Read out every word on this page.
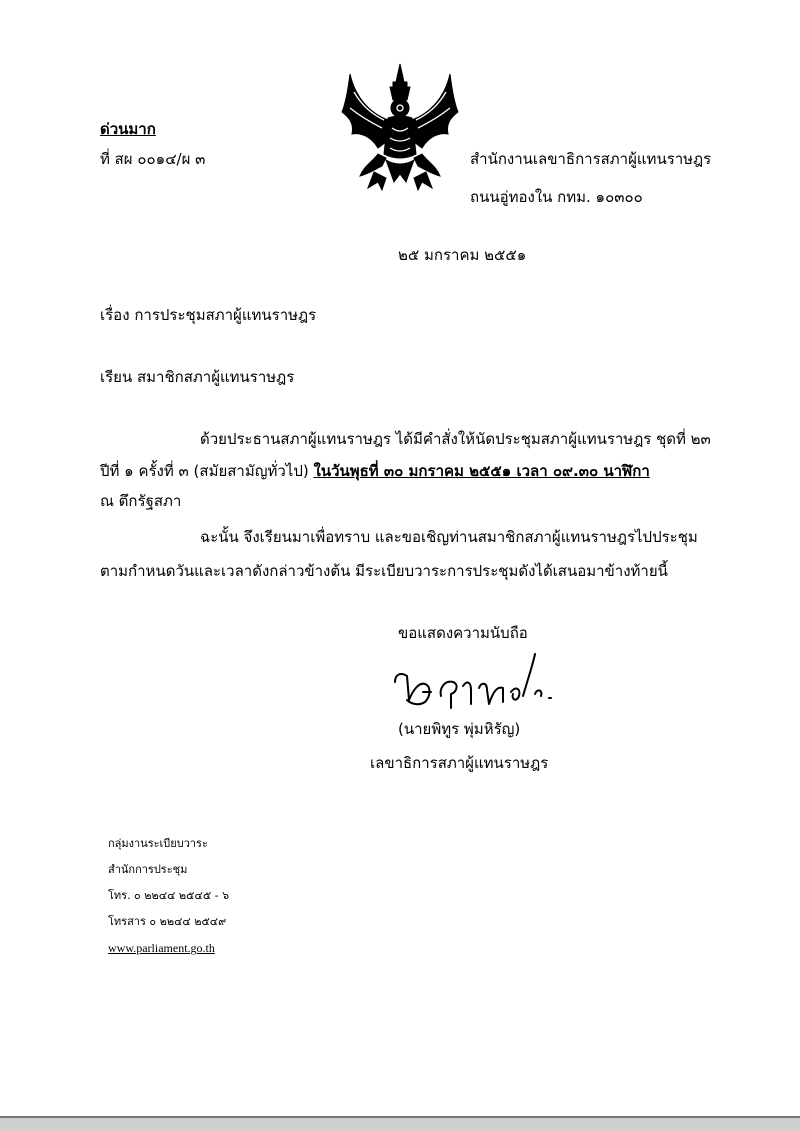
ด่วนมาก
ที่ สผ ๐๐๑๔/ผ ๓	สำนักงานเลขาธิการสภาผู้แทนราษฎร
ถนนอู่ทองใน กทม. ๑๐๓๐๐
๒๕ มกราคม ๒๕๕๑
เรื่อง การประชุมสภาผู้แทนราษฎร
เรียน สมาชิกสภาผู้แทนราษฎร
ด้วยประธานสภาผู้แทนราษฎร ได้มีคำสั่งให้นัดประชุมสภาผู้แทนราษฎร ชุดที่ ๒๓
ปีที่ ๑ ครั้งที่ ๓ (สมัยสามัญทั่วไป) ในวันพุธที่ ๓๐ มกราคม ๒๕๕๑ เวลา ๐๙.๓๐ นาฬิกา
ณ ตึกรัฐสภา
ฉะนั้น จึงเรียนมาเพื่อทราบ และขอเชิญท่านสมาชิกสภาผู้แทนราษฎรไปประชุม
ตามกำหนดวันและเวลาดังกล่าวข้างต้น มีระเบียบวาระการประชุมดังได้เสนอมาข้างท้ายนี้
ขอแสดงความนับถือ
(นายพิทูร พุ่มหิรัญ)
เลขาธิการสภาผู้แทนราษฎร
กลุ่มงานระเบียบวาระ
สำนักการประชุม
โทร. ๐ ๒๒๔๔ ๒๕๔๕ - ๖
โทรสาร ๐ ๒๒๔๔ ๒๕๔๙
www.parliament.go.th
